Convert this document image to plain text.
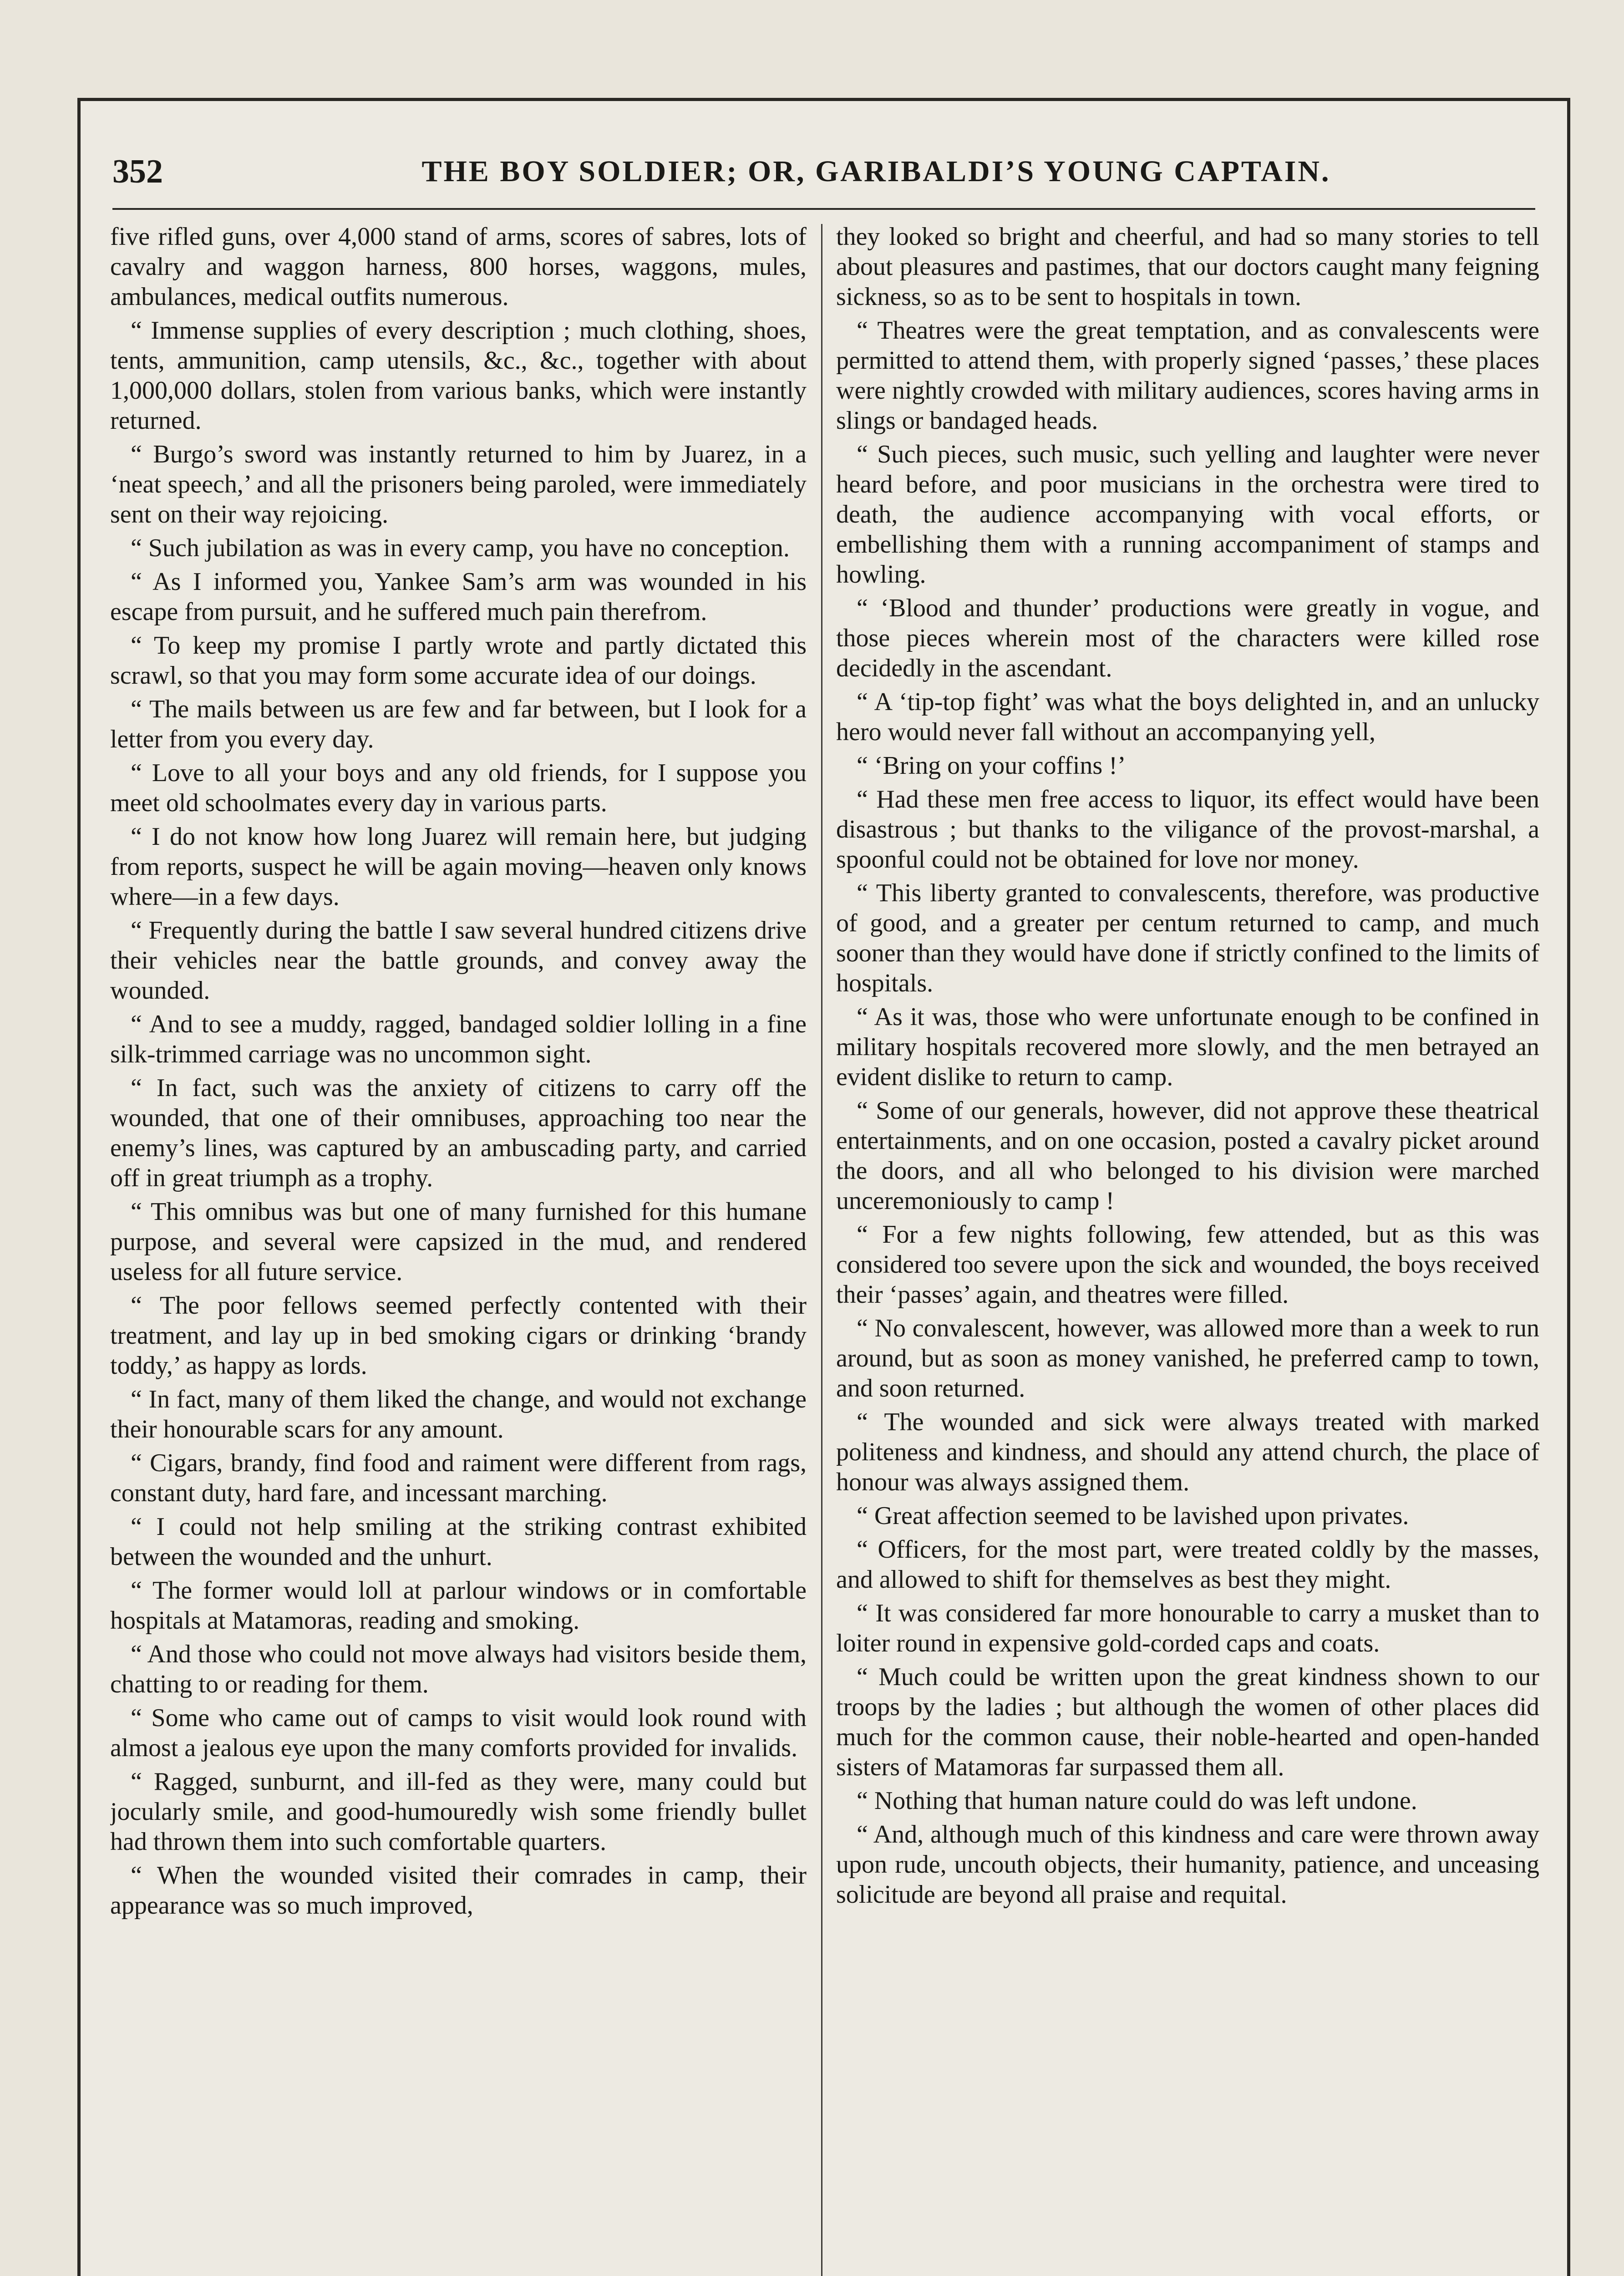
352	THE BOY SOLDIER; OR, GARIBALDI’S YOUNG CAPTAIN.

five rifled guns, over 4,000 stand of arms, scores of sabres, lots of cavalry and waggon harness, 800 horses, waggons, mules, ambulances, medical outfits numerous.

“ Immense supplies of every description ; much clothing, shoes, tents, ammunition, camp utensils, &c., &c., together with about 1,000,000 dollars, stolen from various banks, which were instantly returned.

“ Burgo’s sword was instantly returned to him by Juarez, in a ‘neat speech,’ and all the prisoners being paroled, were immediately sent on their way rejoicing.

“ Such jubilation as was in every camp, you have no conception.

“ As I informed you, Yankee Sam’s arm was wounded in his escape from pursuit, and he suffered much pain therefrom.

“ To keep my promise I partly wrote and partly dictated this scrawl, so that you may form some accurate idea of our doings.

“ The mails between us are few and far between, but I look for a letter from you every day.

“ Love to all your boys and any old friends, for I suppose you meet old schoolmates every day in various parts.

“ I do not know how long Juarez will remain here, but judging from reports, suspect he will be again moving—heaven only knows where—in a few days.

“ Frequently during the battle I saw several hundred citizens drive their vehicles near the battle grounds, and convey away the wounded.

“ And to see a muddy, ragged, bandaged soldier lolling in a fine silk-trimmed carriage was no uncommon sight.

“ In fact, such was the anxiety of citizens to carry off the wounded, that one of their omnibuses, approaching too near the enemy’s lines, was captured by an ambuscading party, and carried off in great triumph as a trophy.

“ This omnibus was but one of many furnished for this humane purpose, and several were capsized in the mud, and rendered useless for all future service.

“ The poor fellows seemed perfectly contented with their treatment, and lay up in bed smoking cigars or drinking ‘brandy toddy,’ as happy as lords.

“ In fact, many of them liked the change, and would not exchange their honourable scars for any amount.

“ Cigars, brandy, find food and raiment were different from rags, constant duty, hard fare, and incessant marching.

“ I could not help smiling at the striking contrast exhibited between the wounded and the unhurt.

“ The former would loll at parlour windows or in comfortable hospitals at Matamoras, reading and smoking.

“ And those who could not move always had visitors beside them, chatting to or reading for them.

“ Some who came out of camps to visit would look round with almost a jealous eye upon the many comforts provided for invalids.

“ Ragged, sunburnt, and ill-fed as they were, many could but jocularly smile, and good-humouredly wish some friendly bullet had thrown them into such comfortable quarters.

“ When the wounded visited their comrades in camp, their appearance was so much improved,

they looked so bright and cheerful, and had so many stories to tell about pleasures and pastimes, that our doctors caught many feigning sickness, so as to be sent to hospitals in town.

“ Theatres were the great temptation, and as convalescents were permitted to attend them, with properly signed ‘passes,’ these places were nightly crowded with military audiences, scores having arms in slings or bandaged heads.

“ Such pieces, such music, such yelling and laughter were never heard before, and poor musicians in the orchestra were tired to death, the audience accompanying with vocal efforts, or embellishing them with a running accompaniment of stamps and howling.

“ ‘Blood and thunder’ productions were greatly in vogue, and those pieces wherein most of the characters were killed rose decidedly in the ascendant.

“ A ‘tip-top fight’ was what the boys delighted in, and an unlucky hero would never fall without an accompanying yell,

“ ‘Bring on your coffins !’

“ Had these men free access to liquor, its effect would have been disastrous ; but thanks to the viligance of the provost-marshal, a spoonful could not be obtained for love nor money.

“ This liberty granted to convalescents, therefore, was productive of good, and a greater per centum returned to camp, and much sooner than they would have done if strictly confined to the limits of hospitals.

“ As it was, those who were unfortunate enough to be confined in military hospitals recovered more slowly, and the men betrayed an evident dislike to return to camp.

“ Some of our generals, however, did not approve these theatrical entertainments, and on one occasion, posted a cavalry picket around the doors, and all who belonged to his division were marched unceremoniously to camp !

“ For a few nights following, few attended, but as this was considered too severe upon the sick and wounded, the boys received their ‘passes’ again, and theatres were filled.

“ No convalescent, however, was allowed more than a week to run around, but as soon as money vanished, he preferred camp to town, and soon returned.

“ The wounded and sick were always treated with marked politeness and kindness, and should any attend church, the place of honour was always assigned them.

“ Great affection seemed to be lavished upon privates.

“ Officers, for the most part, were treated coldly by the masses, and allowed to shift for themselves as best they might.

“ It was considered far more honourable to carry a musket than to loiter round in expensive gold-corded caps and coats.

“ Much could be written upon the great kindness shown to our troops by the ladies ; but although the women of other places did much for the common cause, their noble-hearted and open-handed sisters of Matamoras far surpassed them all.

“ Nothing that human nature could do was left undone.

“ And, although much of this kindness and care were thrown away upon rude, uncouth objects, their humanity, patience, and unceasing solicitude are beyond all praise and requital.
